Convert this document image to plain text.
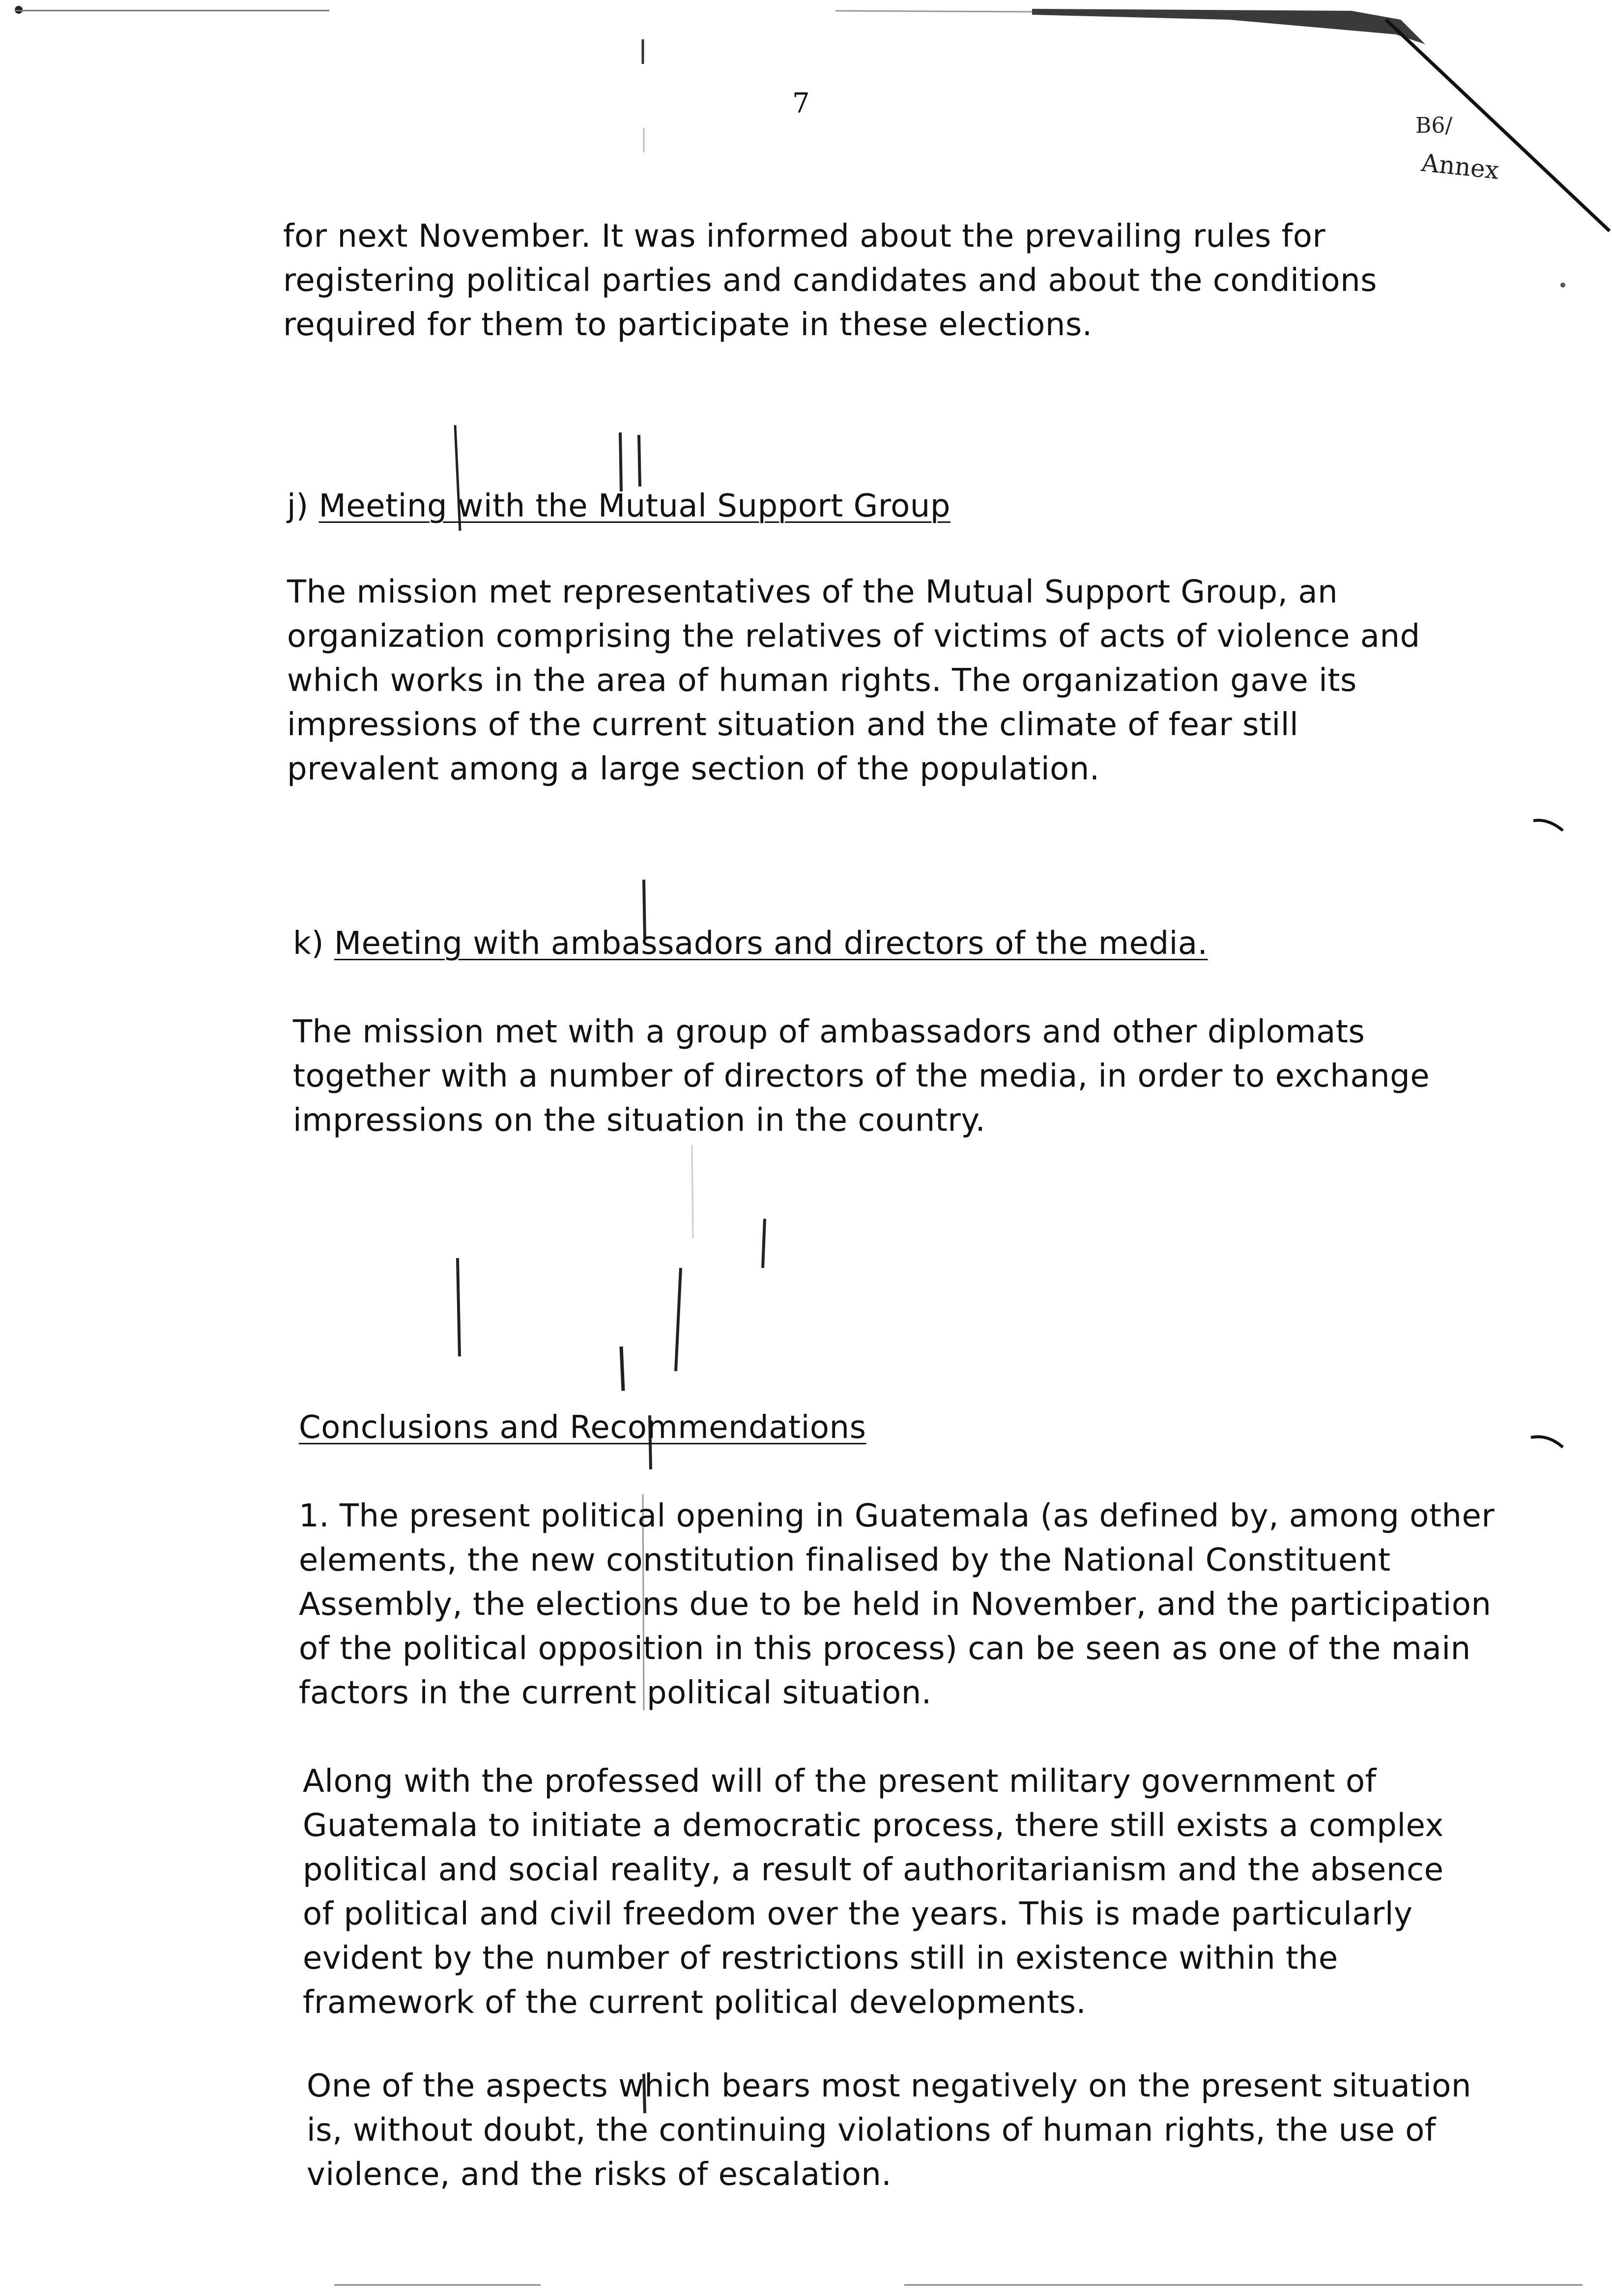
7
B6/
Annex
for next November. It was informed about the prevailing rules for
registering political parties and candidates and about the conditions
required for them to participate in these elections.
j) Meeting with the Mutual Support Group
The mission met representatives of the Mutual Support Group, an
organization comprising the relatives of victims of acts of violence and
which works in the area of human rights. The organization gave its
impressions of the current situation and the climate of fear still
prevalent among a large section of the population.
k) Meeting with ambassadors and directors of the media.
The mission met with a group of ambassadors and other diplomats
together with a number of directors of the media, in order to exchange
impressions on the situation in the country.
Conclusions and Recommendations
1. The present political opening in Guatemala (as defined by, among other
elements, the new constitution finalised by the National Constituent
Assembly, the elections due to be held in November, and the participation
of the political opposition in this process) can be seen as one of the main
factors in the current political situation.
Along with the professed will of the present military government of
Guatemala to initiate a democratic process, there still exists a complex
political and social reality, a result of authoritarianism and the absence
of political and civil freedom over the years. This is made particularly
evident by the number of restrictions still in existence within the
framework of the current political developments.
One of the aspects which bears most negatively on the present situation
is, without doubt, the continuing violations of human rights, the use of
violence, and the risks of escalation.
